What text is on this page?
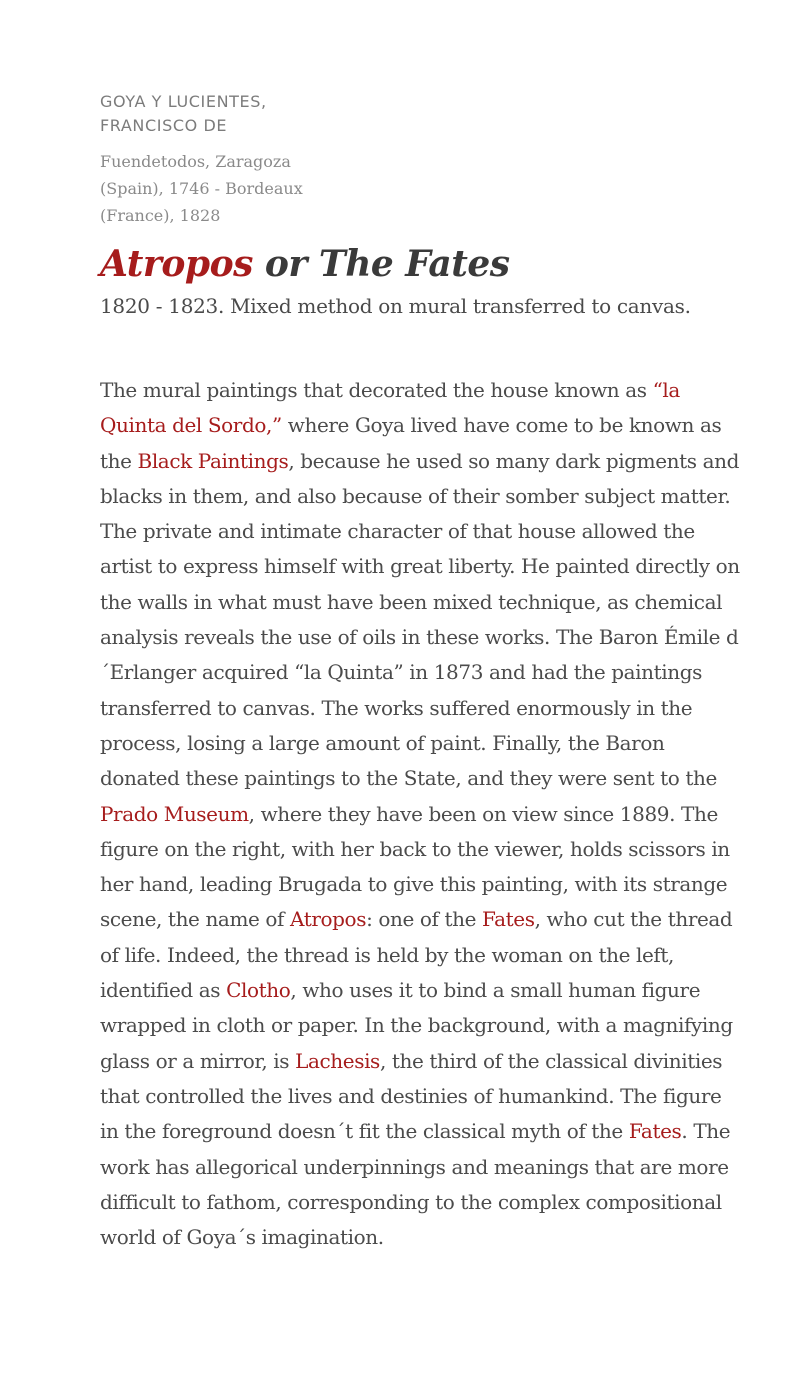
GOYA Y LUCIENTES, FRANCISCO DE

Fuendetodos, Zaragoza (Spain), 1746 - Bordeaux (France), 1828

Atropos or The Fates

1820 - 1823. Mixed method on mural transferred to canvas.

The mural paintings that decorated the house known as “la Quinta del Sordo,” where Goya lived have come to be known as the Black Paintings, because he used so many dark pigments and blacks in them, and also because of their somber subject matter. The private and intimate character of that house allowed the artist to express himself with great liberty. He painted directly on the walls in what must have been mixed technique, as chemical analysis reveals the use of oils in these works. The Baron Émile d´Erlanger acquired “la Quinta” in 1873 and had the paintings transferred to canvas. The works suffered enormously in the process, losing a large amount of paint. Finally, the Baron donated these paintings to the State, and they were sent to the Prado Museum, where they have been on view since 1889. The figure on the right, with her back to the viewer, holds scissors in her hand, leading Brugada to give this painting, with its strange scene, the name of Atropos: one of the Fates, who cut the thread of life. Indeed, the thread is held by the woman on the left, identified as Clotho, who uses it to bind a small human figure wrapped in cloth or paper. In the background, with a magnifying glass or a mirror, is Lachesis, the third of the classical divinities that controlled the lives and destinies of humankind. The figure in the foreground doesn´t fit the classical myth of the Fates. The work has allegorical underpinnings and meanings that are more difficult to fathom, corresponding to the complex compositional world of Goya´s imagination.
